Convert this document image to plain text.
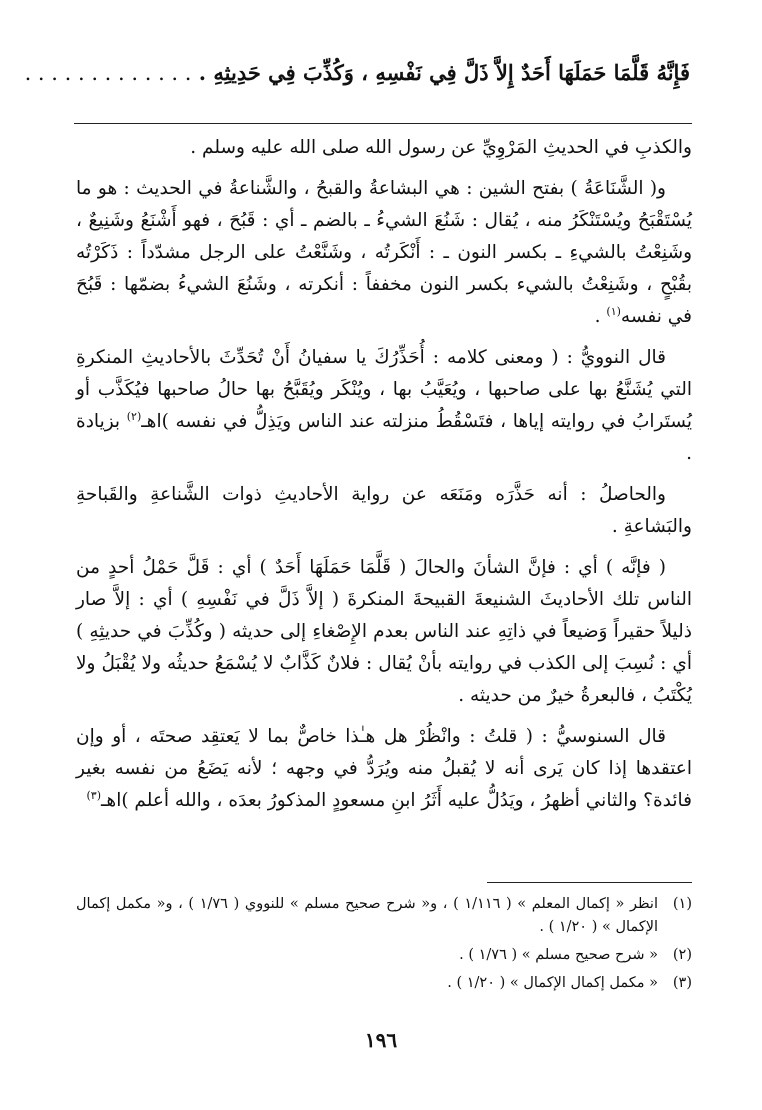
فَإِنَّهُ قَلَّمَا حَمَلَهَا أَحَدٌ إِلاَّ ذَلَّ فِي نَفْسِهِ ، وَكُذِّبَ فِي حَدِيثِهِ . . . . . . . . . . . . . .

والكذبِ في الحديثِ المَرْوِيِّ عن رسول الله صلى الله عليه وسلم .

و( الشَّنَاعَةُ ) بفتح الشين : هي البشاعةُ والقبحُ ، والشَّناعةُ في الحديث : هو ما يُسْتَقْبَحُ ويُسْتَنْكَرُ منه ، يُقال : شَنُعَ الشيءُ ـ بالضم ـ أي : قَبُحَ ، فهو أَشْنَعُ وشَنِيعٌ ، وشَنِعْتُ بالشيءِ ـ بكسر النون ـ : أَنْكَرتُه ، وشَنَّعْتُ على الرجل مشدّداً : ذَكَرْتُه بقُبْحٍ ، وشَنِعْتُ بالشيء بكسر النون مخففاً : أنكرته ، وشَنُعَ الشيءُ بضمّها : قَبُحَ في نفسه$^{(١)}$ .

قال النوويُّ : ( ومعنى كلامه : أُحَذِّرُكَ يا سفيانُ أَنْ تُحَدِّثَ بالأحاديثِ المنكرةِ التي يُشَنَّعُ بها على صاحبها ، ويُعَيَّبُ بها ، ويُنْكَر ويُقَبَّحُ بها حالُ صاحبها فيُكَذَّب أو يُستَرابُ في روايته إياها ، فتَسْقُطُ منزلته عند الناس ويَذِلُّ في نفسه )اهـ$^{(٢)}$ بزيادة .

والحاصلُ : أنه حَذَّرَه ومَنَعَه عن رواية الأحاديثِ ذوات الشَّناعةِ والقَباحةِ والبَشاعةِ .

( فإنَّه ) أي : فإنَّ الشأنَ والحالَ ( قَلَّمَا حَمَلَهَا أَحَدٌ ) أي : قَلَّ حَمْلُ أحدٍ من الناس تلك الأحاديثَ الشنيعةَ القبيحةَ المنكرةَ ( إلاَّ ذَلَّ في نَفْسِهِ ) أي : إلاَّ صار ذليلاً حقيراً وَضيعاً في ذاتِهِ عند الناس بعدم الإِصْغاءِ إلى حديثه ( وكُذِّبَ في حديثِهِ ) أي : نُسِبَ إلى الكذب في روايته بأنْ يُقال : فلانٌ كَذَّابٌ لا يُسْمَعُ حديثُه ولا يُقْبَلُ ولا يُكْتَبُ ، فالبعرةُ خيرٌ من حديثه .

قال السنوسيُّ : ( قلتُ : وانْظُرْ هل هـٰذا خاصٌّ بما لا يَعتقِد صحتَه ، أو وإن اعتقدها إذا كان يَرى أنه لا يُقبلُ منه ويُرَدُّ في وجهه ؛ لأنه يَضَعُ من نفسه بغير فائدة؟ والثاني أظهرُ ، ويَدُلُّ عليه أَثَرُ ابنِ مسعودٍ المذكورُ بعدَه ، والله أعلم )اهـ$^{(٣)}$

(١)
انظر « إكمال المعلم » ( ١/١١٦ ) ، و« شرح صحيح مسلم » للنووي ( ١/٧٦ ) ، و« مكمل إكمال الإكمال » ( ١/٢٠ ) .
(٢)
« شرح صحيح مسلم » ( ١/٧٦ ) .
(٣)
« مكمل إكمال الإكمال » ( ١/٢٠ ) .
١٩٦
